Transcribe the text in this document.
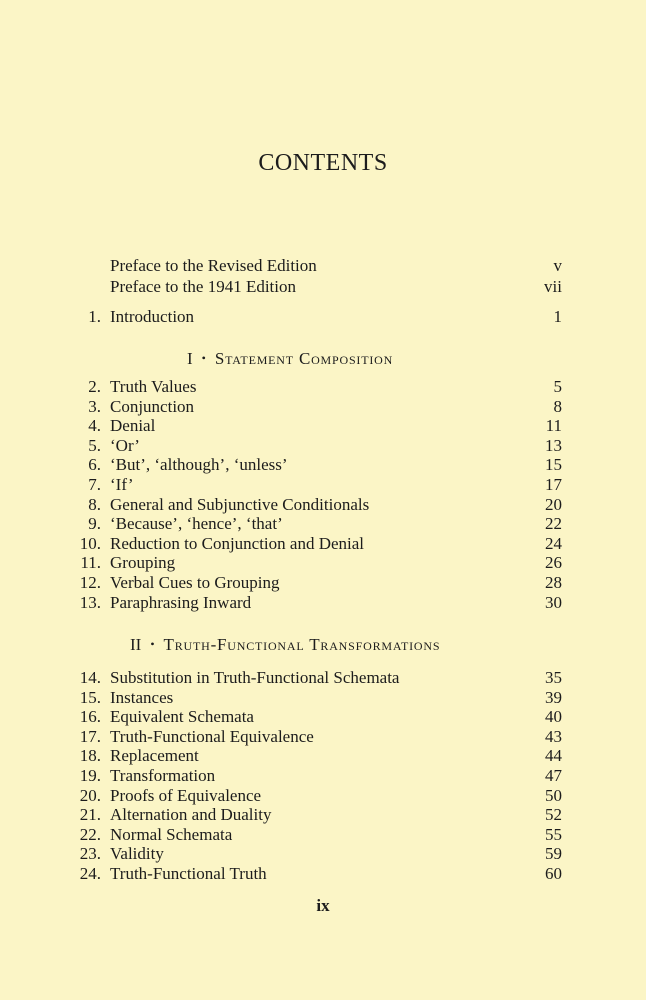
CONTENTS
Preface to the Revised Edition	v
Preface to the 1941 Edition	vii
1. Introduction	1
I • Statement Composition
2. Truth Values	5
3. Conjunction	8
4. Denial	11
5. ‘Or’	13
6. ‘But’, ‘although’, ‘unless’	15
7. ‘If’	17
8. General and Subjunctive Conditionals	20
9. ‘Because’, ‘hence’, ‘that’	22
10. Reduction to Conjunction and Denial	24
11. Grouping	26
12. Verbal Cues to Grouping	28
13. Paraphrasing Inward	30
II • Truth-Functional Transformations
14. Substitution in Truth-Functional Schemata	35
15. Instances	39
16. Equivalent Schemata	40
17. Truth-Functional Equivalence	43
18. Replacement	44
19. Transformation	47
20. Proofs of Equivalence	50
21. Alternation and Duality	52
22. Normal Schemata	55
23. Validity	59
24. Truth-Functional Truth	60
ix
